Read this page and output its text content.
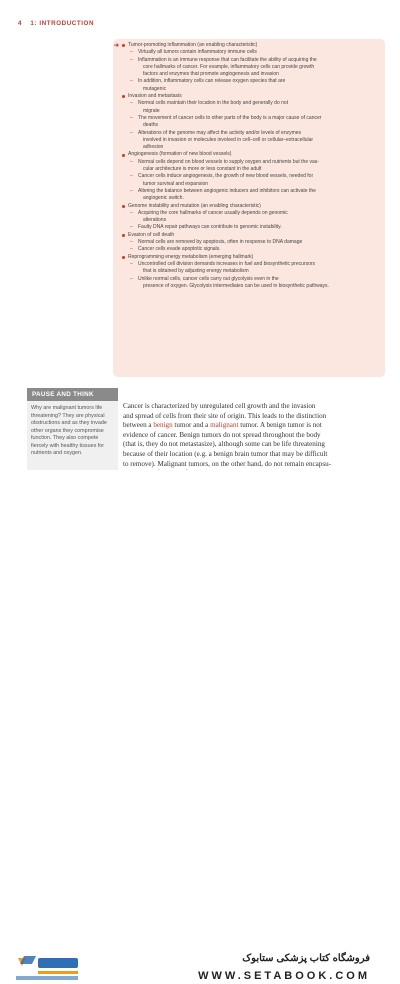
4 1: INTRODUCTION
➔	Tumor-promoting inflammation (an enabling characteristic)
– Virtually all tumors contain inflammatory immune cells
– Inflammation is an immune response that can facilitate the ability of acquiring the
core hallmarks of cancer. For example, inflammatory cells can provide growth
factors and enzymes that promote angiogenesis and invasion
– In addition, inflammatory cells can release oxygen species that are
mutagenic
Invasion and metastasis
– Normal cells maintain their location in the body and generally do not
migrate
– The movement of cancer cells to other parts of the body is a major cause of cancer
deaths
– Alterations of the genome may affect the activity and/or levels of enzymes
involved in invasion or molecules involved in cell–cell or cellular–extracellular
adhesion
Angiogenesis (formation of new blood vessels)
– Normal cells depend on blood vessels to supply oxygen and nutrients but the vas-
cular architecture is more or less constant in the adult
– Cancer cells induce angiogenesis, the growth of new blood vessels, needed for
tumor survival and expansion
– Altering the balance between angiogenic inducers and inhibitors can activate the
angiogenic switch.
Genome instability and mutation (an enabling characteristic)
– Acquiring the core hallmarks of cancer usually depends on genomic
alterations
– Faulty DNA repair pathways can contribute to genomic instability.
Evasion of cell death
– Normal cells are removed by apoptosis, often in response to DNA damage
– Cancer cells evade apoptotic signals.
Reprogramming energy metabolism (emerging hallmark)
– Uncontrolled cell division demands increases in fuel and biosynthetic precursors
that is obtained by adjusting energy metabolism
– Unlike normal cells, cancer cells carry out glycolysis even in the
presence of oxygen. Glycolysis intermediates can be used in biosynthetic pathways.
PAUSE AND THINK
Why are malignant tumors life
threatening? They are physical
obstructions and as they invade
other organs they compromise
function. They also compete
fiercely with healthy tissues for
nutrients and oxygen.
Cancer is characterized by unregulated cell growth and the invasion
and spread of cells from their site of origin. This leads to the distinction
between a benign tumor and a malignant tumor. A benign tumor is not
evidence of cancer. Benign tumors do not spread throughout the body
(that is, they do not metastasize), although some can be life threatening
because of their location (e.g. a benign brain tumor that may be difficult
to remove). Malignant tumors, on the other hand, do not remain encapsu-
فروشگاه کتاب پزشکی ستابوک
WWW.SETABOOK.COM
